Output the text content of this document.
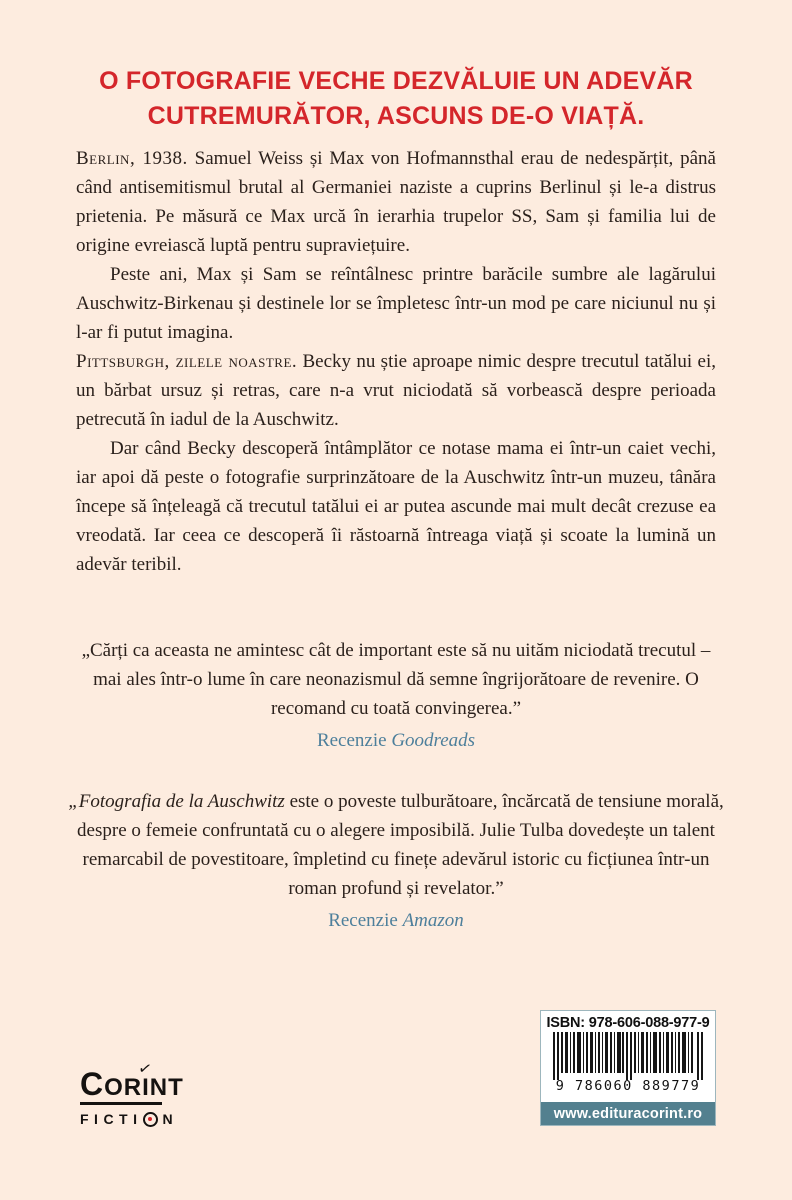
O FOTOGRAFIE VECHE DEZVĂLUIE UN ADEVĂR
CUTREMURĂTOR, ASCUNS DE-O VIAȚĂ.

Berlin, 1938. Samuel Weiss și Max von Hofmannsthal erau de nedespărțit, până când antisemitismul brutal al Germaniei naziste a cuprins Berlinul și le-a distrus prietenia. Pe măsură ce Max urcă în ierarhia trupelor SS, Sam și familia lui de origine evreiască luptă pentru supraviețuire.

Peste ani, Max și Sam se reîntâlnesc printre barăcile sumbre ale lagărului Auschwitz-Birkenau și destinele lor se împletesc într-un mod pe care niciunul nu și l-ar fi putut imagina.

Pittsburgh, zilele noastre. Becky nu știe aproape nimic despre trecutul tatălui ei, un bărbat ursuz și retras, care n-a vrut niciodată să vorbească despre perioada petrecută în iadul de la Auschwitz.

Dar când Becky descoperă întâmplător ce notase mama ei într-un caiet vechi, iar apoi dă peste o fotografie surprinzătoare de la Auschwitz într-un muzeu, tânăra începe să înțeleagă că trecutul tatălui ei ar putea ascunde mai mult decât crezuse ea vreodată. Iar ceea ce descoperă îi răstoarnă întreaga viață și scoate la lumină un adevăr teribil.

„Cărți ca aceasta ne amintesc cât de important este să nu uităm niciodată trecutul – mai ales într-o lume în care neonazismul dă semne îngrijorătoare de revenire. O recomand cu toată convingerea.”

Recenzie Goodreads

„Fotografia de la Auschwitz este o poveste tulburătoare, încărcată de tensiune morală, despre o femeie confruntată cu o alegere imposibilă. Julie Tulba dovedește un talent remarcabil de povestitoare, împletind cu finețe adevărul istoric cu ficțiunea într-un roman profund și revelator.”

Recenzie Amazon

C OR
✓
I NT
FICTI N
ISBN: 978-606-088-977-9
9 786060 889779
www.edituracorint.ro
